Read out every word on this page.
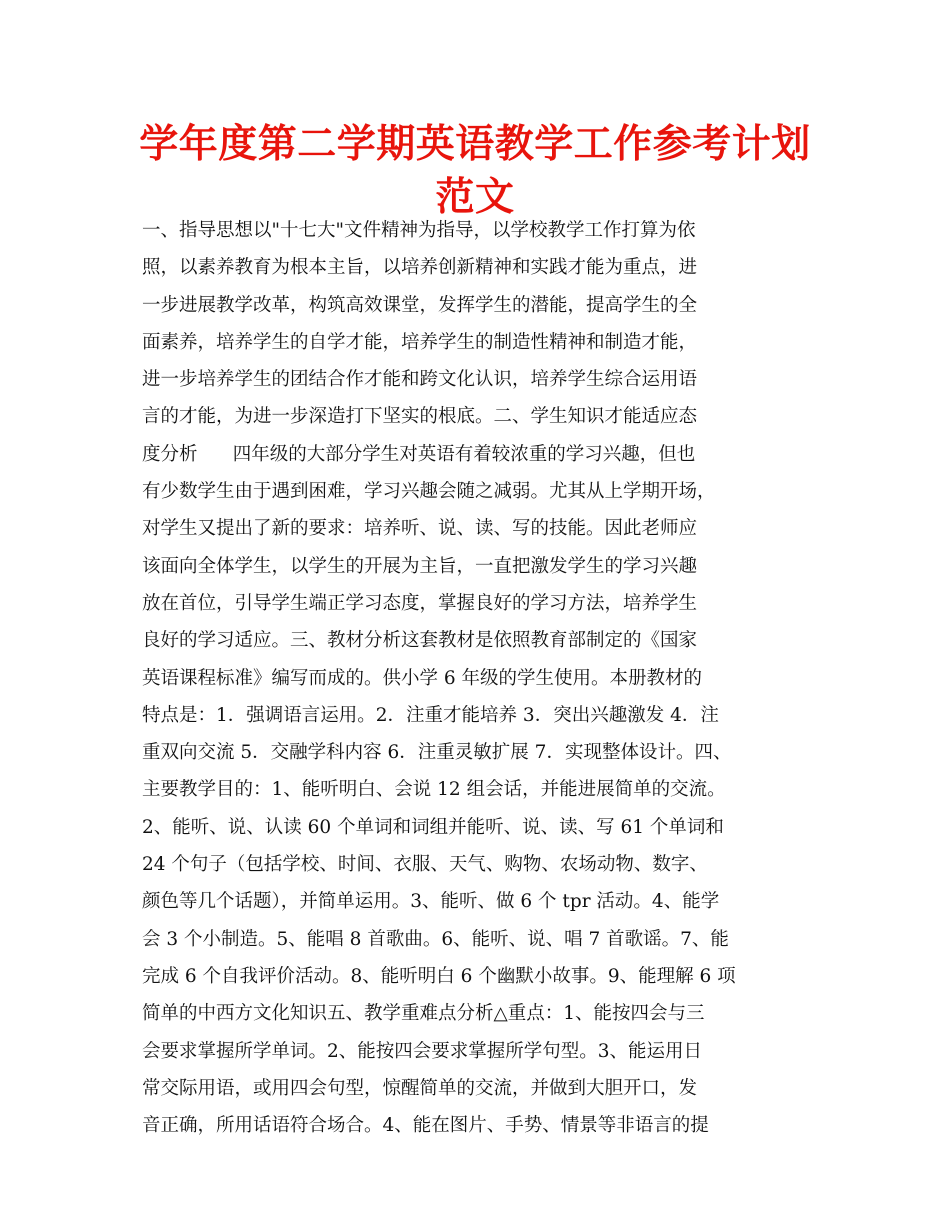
学年度第二学期英语教学工作参考计划范文
一、指导思想以"十七大"文件精神为指导，以学校教学工作打算为依
照，以素养教育为根本主旨，以培养创新精神和实践才能为重点，进
一步进展教学改革，构筑高效课堂，发挥学生的潜能，提高学生的全
面素养，培养学生的自学才能，培养学生的制造性精神和制造才能，
进一步培养学生的团结合作才能和跨文化认识，培养学生综合运用语
言的才能，为进一步深造打下坚实的根底。二、学生知识才能适应态
度分析      四年级的大部分学生对英语有着较浓重的学习兴趣，但也
有少数学生由于遇到困难，学习兴趣会随之减弱。尤其从上学期开场，
对学生又提出了新的要求：培养听、说、读、写的技能。因此老师应
该面向全体学生，以学生的开展为主旨，一直把激发学生的学习兴趣
放在首位，引导学生端正学习态度，掌握良好的学习方法，培养学生
良好的学习适应。三、教材分析这套教材是依照教育部制定的《国家
英语课程标准》编写而成的。供小学 6 年级的学生使用。本册教材的
特点是：1．强调语言运用。2．注重才能培养 3．突出兴趣激发 4．注
重双向交流 5．交融学科内容 6．注重灵敏扩展 7．实现整体设计。四、
主要教学目的：1、能听明白、会说 12 组会话，并能进展简单的交流。
2、能听、说、认读 60 个单词和词组并能听、说、读、写 61 个单词和
24 个句子（包括学校、时间、衣服、天气、购物、农场动物、数字、
颜色等几个话题），并简单运用。3、能听、做 6 个 tpr 活动。4、能学
会 3 个小制造。5、能唱 8 首歌曲。6、能听、说、唱 7 首歌谣。7、能
完成 6 个自我评价活动。8、能听明白 6 个幽默小故事。9、能理解 6 项
简单的中西方文化知识五、教学重难点分析△重点：1、能按四会与三
会要求掌握所学单词。2、能按四会要求掌握所学句型。3、能运用日
常交际用语，或用四会句型，惊醒简单的交流，并做到大胆开口，发
音正确，所用话语符合场合。4、能在图片、手势、情景等非语言的提
